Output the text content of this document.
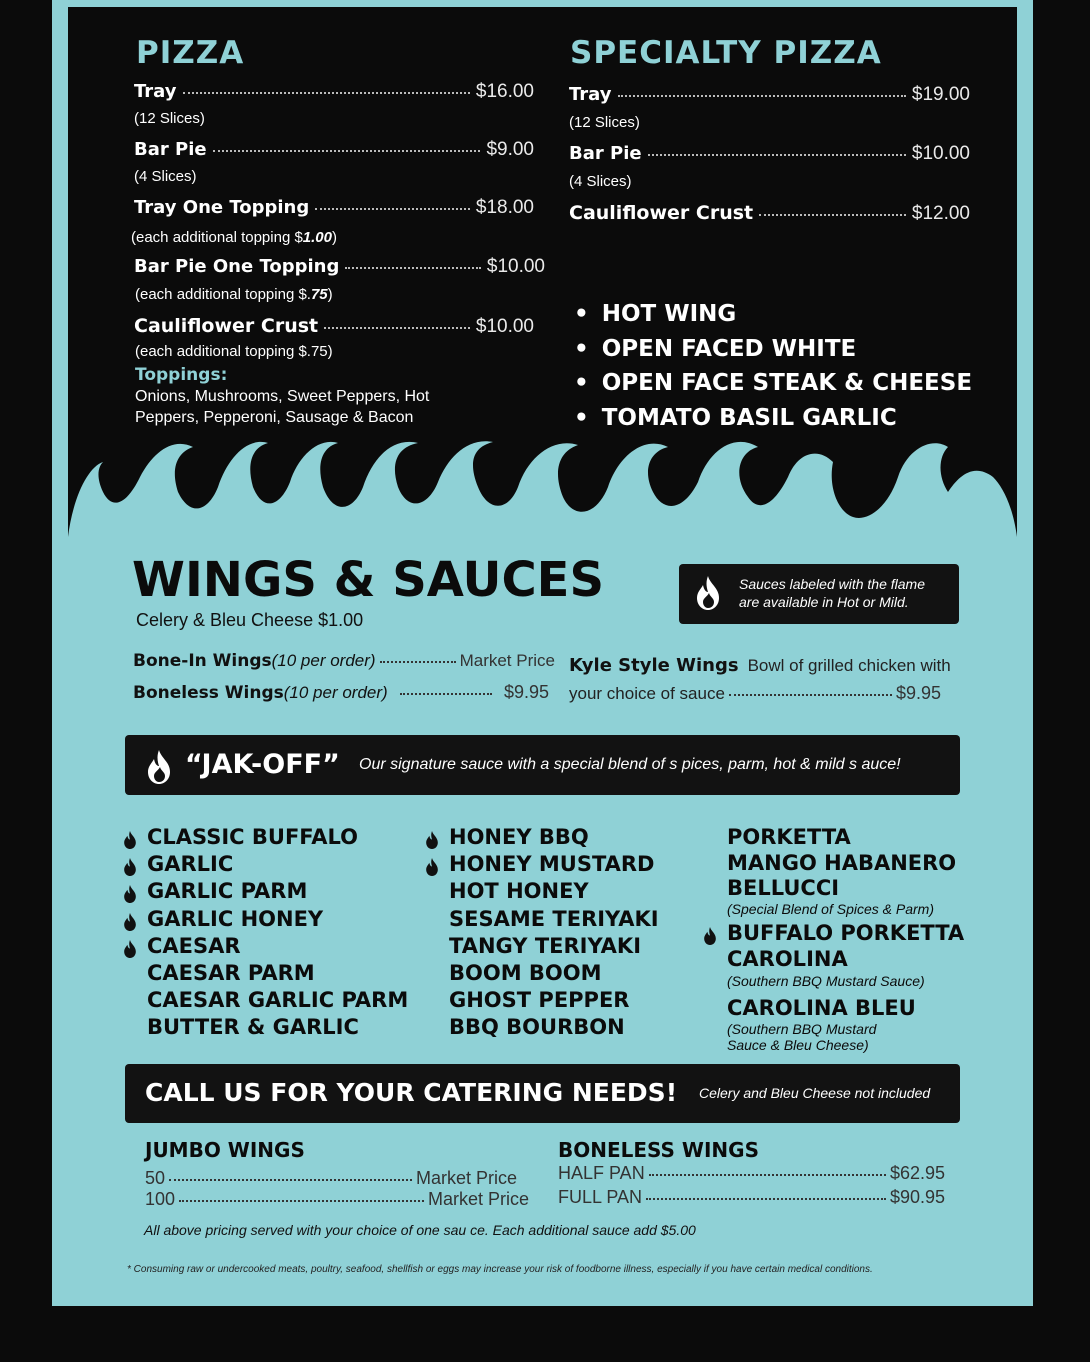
PIZZA	SPECIALTY PIZZA
Tray	$16.00
(12 Slices)
Bar Pie	$9.00
(4 Slices)
Tray One Topping	$18.00
(each additional topping $1.00)
Bar Pie One Topping	$10.00
(each additional topping $.75)
Cauliflower Crust	$10.00
(each additional topping $.75)
Toppings:
Onions, Mushrooms, Sweet Peppers, Hot
Peppers, Pepperoni, Sausage & Bacon
Tray	$19.00
(12 Slices)
Bar Pie	$10.00
(4 Slices)
Cauliflower Crust	$12.00
• HOT WING
• OPEN FACED WHITE
• OPEN FACE STEAK & CHEESE
• TOMATO BASIL GARLIC
WINGS & SAUCES
Celery & Bleu Cheese $1.00
Sauces labeled with the flame
are available in Hot or Mild.
Bone-In Wings (10 per order)	Market Price
Boneless Wings (10 per order)	$9.95
Kyle Style Wings Bowl of grilled chicken with
your choice of sauce	$9.95
“JAK-OFF” Our signature sauce with a special blend of s pices, parm, hot & mild s auce!
CLASSIC BUFFALO
GARLIC
GARLIC PARM
GARLIC HONEY
CAESAR
CAESAR PARM
CAESAR GARLIC PARM
BUTTER & GARLIC
HONEY BBQ
HONEY MUSTARD
HOT HONEY
SESAME TERIYAKI
TANGY TERIYAKI
BOOM BOOM
GHOST PEPPER
BBQ BOURBON
PORKETTA
MANGO HABANERO
BELLUCCI
(Special Blend of Spices & Parm)
BUFFALO PORKETTA
CAROLINA
(Southern BBQ Mustard Sauce)
CAROLINA BLEU
(Southern BBQ Mustard
Sauce & Bleu Cheese)
CALL US FOR YOUR CATERING NEEDS! Celery and Bleu Cheese not included
JUMBO WINGS
50	Market Price
100	Market Price
BONELESS WINGS
HALF PAN	$62.95
FULL PAN	$90.95
All above pricing served with your choice of one sau ce. Each additional sauce add $5.00
* Consuming raw or undercooked meats, poultry, seafood, shellfish or eggs may increase your risk of foodborne illness, especially if you have certain medical conditions.
